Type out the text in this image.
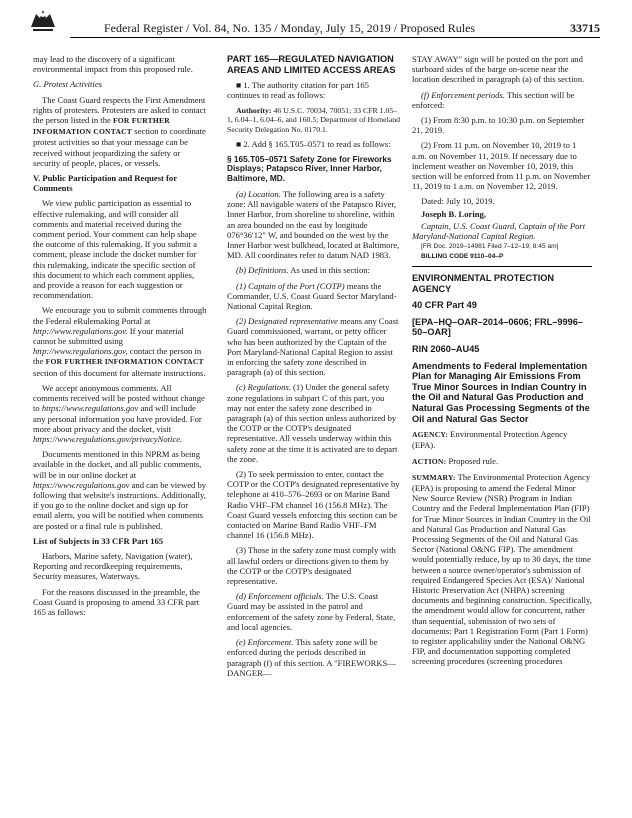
Federal Register / Vol. 84, No. 135 / Monday, July 15, 2019 / Proposed Rules	33715

may lead to the discovery of a significant environmental impact from this proposed rule.

G. Protest Activities

The Coast Guard respects the First Amendment rights of protesters. Protesters are asked to contact the person listed in the FOR FURTHER INFORMATION CONTACT section to coordinate protest activities so that your message can be received without jeopardizing the safety or security of people, places, or vessels.

V. Public Participation and Request for Comments

We view public participation as essential to effective rulemaking, and will consider all comments and material received during the comment period. Your comment can help shape the outcome of this rulemaking. If you submit a comment, please include the docket number for this rulemaking, indicate the specific section of this document to which each comment applies, and provide a reason for each suggestion or recommendation.

We encourage you to submit comments through the Federal eRulemaking Portal at http://www.regulations.gov. If your material cannot be submitted using http://www.regulations.gov, contact the person in the FOR FURTHER INFORMATION CONTACT section of this document for alternate instructions.

We accept anonymous comments. All comments received will be posted without change to https://www.regulations.gov and will include any personal information you have provided. For more about privacy and the docket, visit https://www.regulations.gov/privacyNotice.

Documents mentioned in this NPRM as being available in the docket, and all public comments, will be in our online docket at https://www.regulations.gov and can be viewed by following that website's instructions. Additionally, if you go to the online docket and sign up for email alerts, you will be notified when comments are posted or a final rule is published.

List of Subjects in 33 CFR Part 165

Harbors, Marine safety, Navigation (water), Reporting and recordkeeping requirements, Security measures, Waterways.

For the reasons discussed in the preamble, the Coast Guard is proposing to amend 33 CFR part 165 as follows:

PART 165—REGULATED NAVIGATION AREAS AND LIMITED ACCESS AREAS

■ 1. The authority citation for part 165 continues to read as follows:

Authority: 46 U.S.C. 70034, 70051; 33 CFR 1.05–1, 6.04–1, 6.04–6, and 160.5; Department of Homeland Security Delegation No. 0170.1.

■ 2. Add § 165.T05–0571 to read as follows:

§ 165.T05–0571 Safety Zone for Fireworks Displays; Patapsco River, Inner Harbor, Baltimore, MD.

(a) Location. The following area is a safety zone: All navigable waters of the Patapsco River, Inner Harbor, from shoreline to shoreline, within an area bounded on the east by longitude 076°36′12″ W, and bounded on the west by the Inner Harbor west bulkhead, located at Baltimore, MD. All coordinates refer to datum NAD 1983.

(b) Definitions. As used in this section:

(1) Captain of the Port (COTP) means the Commander, U.S. Coast Guard Sector Maryland-National Capital Region.

(2) Designated representative means any Coast Guard commissioned, warrant, or petty officer who has been authorized by the Captain of the Port Maryland-National Capital Region to assist in enforcing the safety zone described in paragraph (a) of this section.

(c) Regulations. (1) Under the general safety zone regulations in subpart C of this part, you may not enter the safety zone described in paragraph (a) of this section unless authorized by the COTP or the COTP's designated representative. All vessels underway within this safety zone at the time it is activated are to depart the zone.

(2) To seek permission to enter, contact the COTP or the COTP's designated representative by telephone at 410–576–2693 or on Marine Band Radio VHF–FM channel 16 (156.8 MHz). The Coast Guard vessels enforcing this section can be contacted on Marine Band Radio VHF–FM channel 16 (156.8 MHz).

(3) Those in the safety zone must comply with all lawful orders or directions given to them by the COTP or the COTP's designated representative.

(d) Enforcement officials. The U.S. Coast Guard may be assisted in the patrol and enforcement of the safety zone by Federal, State, and local agencies.

(e) Enforcement. This safety zone will be enforced during the periods described in paragraph (f) of this section. A "FIREWORKS—DANGER—

STAY AWAY" sign will be posted on the port and starboard sides of the barge on-scene near the location described in paragraph (a) of this section.

(f) Enforcement periods. This section will be enforced:

(1) From 8:30 p.m. to 10:30 p.m. on September 21, 2019.

(2) From 11 p.m. on November 10, 2019 to 1 a.m. on November 11, 2019. If necessary due to inclement weather on November 10, 2019, this section will be enforced from 11 p.m. on November 11, 2019 to 1 a.m. on November 12, 2019.

Dated: July 10, 2019.

Joseph B. Loring,

Captain, U.S. Coast Guard, Captain of the Port Maryland-National Capital Region.

[FR Doc. 2019–14981 Filed 7–12–19; 8:45 am]

BILLING CODE 9110–04–P

ENVIRONMENTAL PROTECTION AGENCY
40 CFR Part 49
[EPA–HQ–OAR–2014–0606; FRL–9996–50–OAR]
RIN 2060–AU45
Amendments to Federal Implementation Plan for Managing Air Emissions From True Minor Sources in Indian Country in the Oil and Natural Gas Production and Natural Gas Processing Segments of the Oil and Natural Gas Sector

AGENCY: Environmental Protection Agency (EPA).

ACTION: Proposed rule.

SUMMARY: The Environmental Protection Agency (EPA) is proposing to amend the Federal Minor New Source Review (NSR) Program in Indian Country and the Federal Implementation Plan (FIP) for True Minor Sources in Indian Country in the Oil and Natural Gas Production and Natural Gas Processing Segments of the Oil and Natural Gas Sector (National O&NG FIP). The amendment would potentially reduce, by up to 30 days, the time between a source owner/operator's submission of required Endangered Species Act (ESA)/ National Historic Preservation Act (NHPA) screening documents and beginning construction. Specifically, the amendment would allow for concurrent, rather than sequential, submission of two sets of documents: Part 1 Registration Form (Part 1 Form) to register applicability under the National O&NG FIP, and documentation supporting completed screening procedures (screening procedures
